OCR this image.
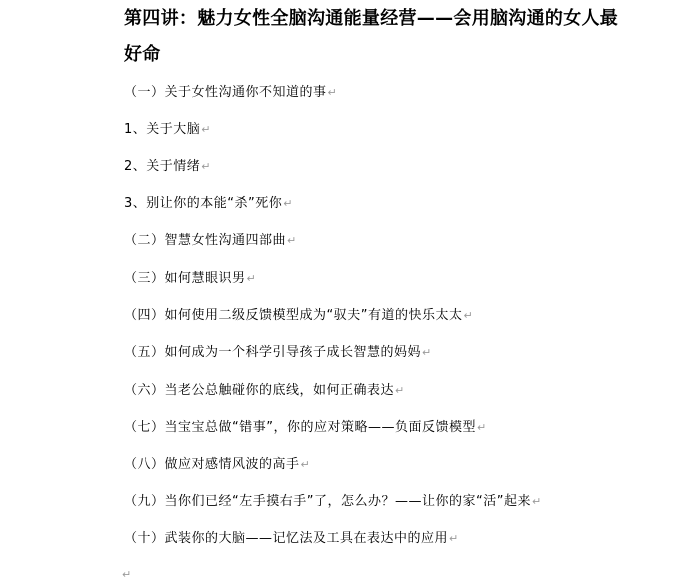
第四讲：魅力女性全脑沟通能量经营——会用脑沟通的女人最
好命
（一）关于女性沟通你不知道的事↵
1、关于大脑↵
2、关于情绪↵
3、别让你的本能“杀”死你↵
（二）智慧女性沟通四部曲↵
（三）如何慧眼识男↵
（四）如何使用二级反馈模型成为“驭夫”有道的快乐太太↵
（五）如何成为一个科学引导孩子成长智慧的妈妈↵
（六）当老公总触碰你的底线，如何正确表达↵
（七）当宝宝总做“错事”，你的应对策略——负面反馈模型↵
（八）做应对感情风波的高手↵
（九）当你们已经“左手摸右手”了，怎么办？——让你的家“活”起来↵
（十）武装你的大脑——记忆法及工具在表达中的应用↵
↵
